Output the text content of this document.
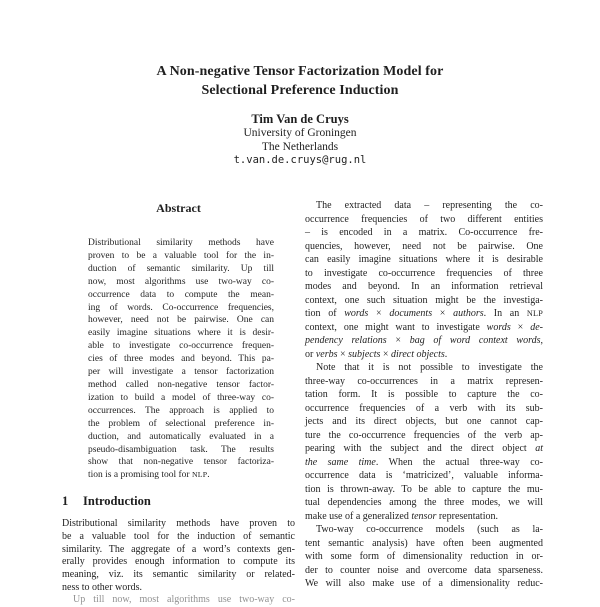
A Non-negative Tensor Factorization Model for
Selectional Preference Induction
Tim Van de Cruys
University of Groningen
The Netherlands
t.van.de.cruys@rug.nl
Abstract
Distributional similarity methods have
proven to be a valuable tool for the in-
duction of semantic similarity. Up till
now, most algorithms use two-way co-
occurrence data to compute the mean-
ing of words. Co-occurrence frequencies,
however, need not be pairwise. One can
easily imagine situations where it is desir-
able to investigate co-occurrence frequen-
cies of three modes and beyond. This pa-
per will investigate a tensor factorization
method called non-negative tensor factor-
ization to build a model of three-way co-
occurrences. The approach is applied to
the problem of selectional preference in-
duction, and automatically evaluated in a
pseudo-disambiguation task. The results
show that non-negative tensor factoriza-
tion is a promising tool for NLP.
1 Introduction
Distributional similarity methods have proven to
be a valuable tool for the induction of semantic
similarity. The aggregate of a word’s contexts gen-
erally provides enough information to compute its
meaning, viz. its semantic similarity or related-
ness to other words.
Up till now, most algorithms use two-way co-
The extracted data – representing the co-
occurrence frequencies of two different entities
– is encoded in a matrix. Co-occurrence fre-
quencies, however, need not be pairwise. One
can easily imagine situations where it is desirable
to investigate co-occurrence frequencies of three
modes and beyond. In an information retrieval
context, one such situation might be the investiga-
tion of words × documents × authors. In an NLP
context, one might want to investigate words × de-
pendency relations × bag of word context words,
or verbs × subjects × direct objects.
Note that it is not possible to investigate the
three-way co-occurrences in a matrix represen-
tation form. It is possible to capture the co-
occurrence frequencies of a verb with its sub-
jects and its direct objects, but one cannot cap-
ture the co-occurrence frequencies of the verb ap-
pearing with the subject and the direct object at
the same time. When the actual three-way co-
occurrence data is ‘matricized’, valuable informa-
tion is thrown-away. To be able to capture the mu-
tual dependencies among the three modes, we will
make use of a generalized tensor representation.
Two-way co-occurrence models (such as la-
tent semantic analysis) have often been augmented
with some form of dimensionality reduction in or-
der to counter noise and overcome data sparseness.
We will also make use of a dimensionality reduc-
